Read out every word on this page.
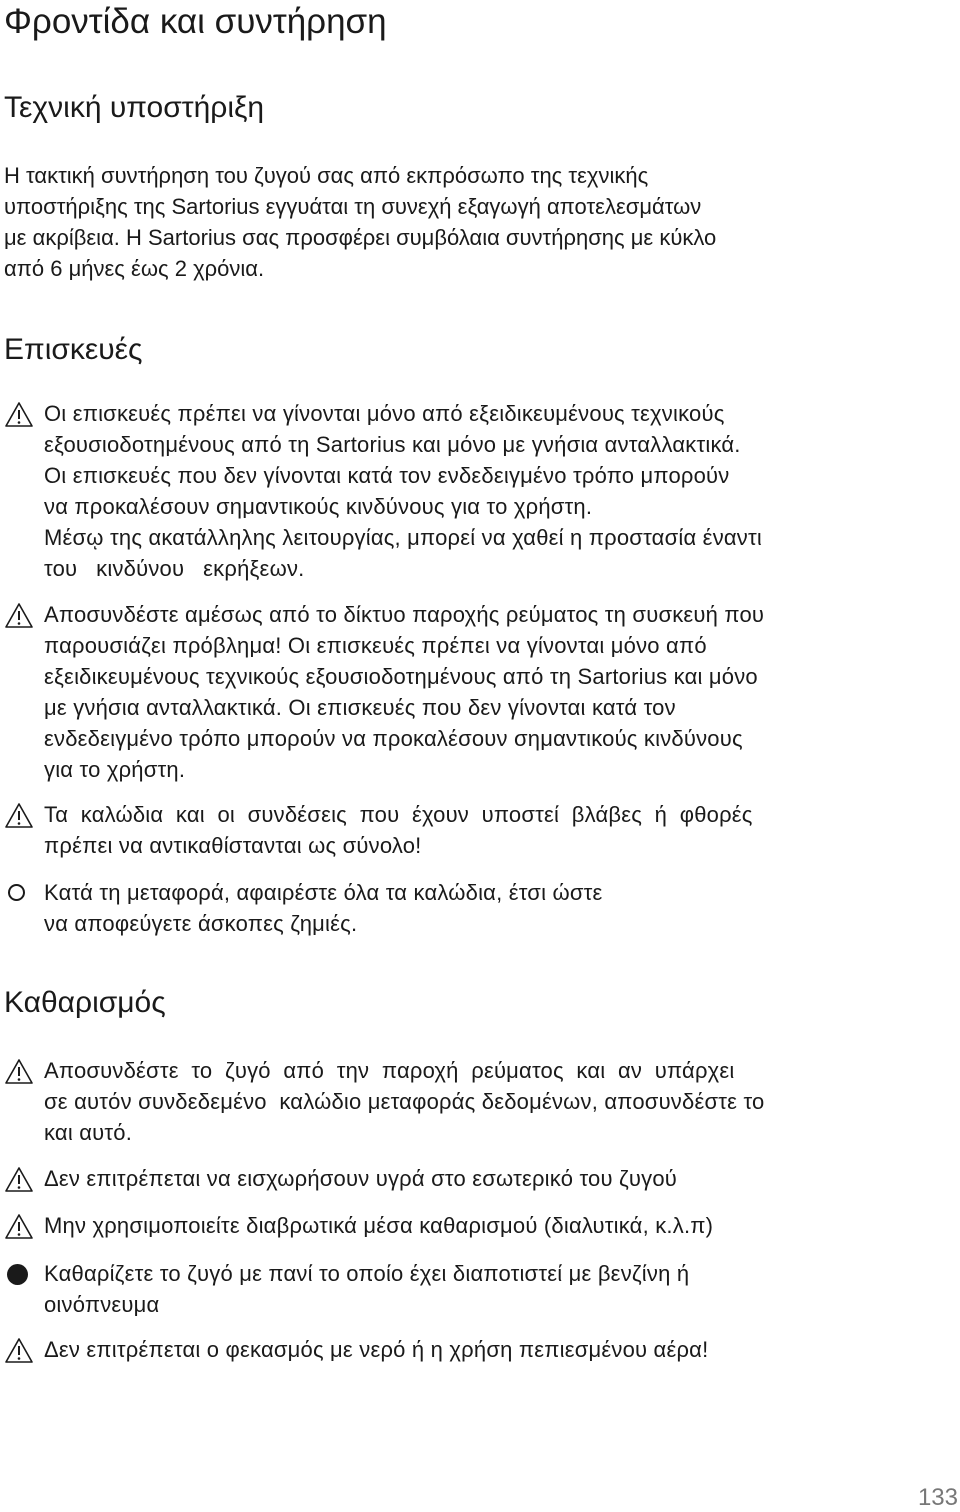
Φροντίδα και συντήρηση
Τεχνική υποστήριξη
Η τακτική συντήρηση του ζυγού σας από εκπρόσωπο της τεχνικής
υποστήριξης της Sartorius εγγυάται τη συνεχή εξαγωγή αποτελεσμάτων
με ακρίβεια. Η Sartorius σας προσφέρει συμβόλαια συντήρησης με κύκλο
από 6 μήνες έως 2 χρόνια.
Επισκευές
Οι επισκευές πρέπει να γίνονται μόνο από εξειδικευμένους τεχνικούς
εξουσιοδοτημένους από τη Sartorius και μόνο με γνήσια ανταλλακτικά.
Οι επισκευές που δεν γίνονται κατά τον ενδεδειγμένο τρόπο μπορούν
να προκαλέσουν σημαντικούς κινδύνους για το χρήστη.
Μέσῳ της ακατάλληλης λειτουργίας, μπορεί να χαθεί η προστασία έναντι
του   κινδύνου   εκρήξεων.
Αποσυνδέστε αμέσως από το δίκτυο παροχής ρεύματος τη συσκευή που
παρουσιάζει πρόβλημα! Οι επισκευές πρέπει να γίνονται μόνο από
εξειδικευμένους τεχνικούς εξουσιοδοτημένους από τη Sartorius και μόνο
με γνήσια ανταλλακτικά. Οι επισκευές που δεν γίνονται κατά τον
ενδεδειγμένο τρόπο μπορούν να προκαλέσουν σημαντικούς κινδύνους
για το χρήστη.
Τα  καλώδια  και  οι  συνδέσεις  που  έχουν  υποστεί  βλάβες  ή  φθορές
πρέπει να αντικαθίστανται ως σύνολο!
Κατά τη μεταφορά, αφαιρέστε όλα τα καλώδια, έτσι ώστε
να αποφεύγετε άσκοπες ζημιές.
Καθαρισμός
Αποσυνδέστε  το  ζυγό  από  την  παροχή  ρεύματος  και  αν  υπάρχει
σε αυτόν συνδεδεμένο  καλώδιο μεταφοράς δεδομένων, αποσυνδέστε το
και αυτό.
Δεν επιτρέπεται να εισχωρήσουν υγρά στο εσωτερικό του ζυγού
Μην χρησιμοποιείτε διαβρωτικά μέσα καθαρισμού (διαλυτικά, κ.λ.π)
Καθαρίζετε το ζυγό με πανί το οποίο έχει διαποτιστεί με βενζίνη ή
οινόπνευμα
Δεν επιτρέπεται ο φεκασμός με νερό ή η χρήση πεπιεσμένου αέρα!
133
